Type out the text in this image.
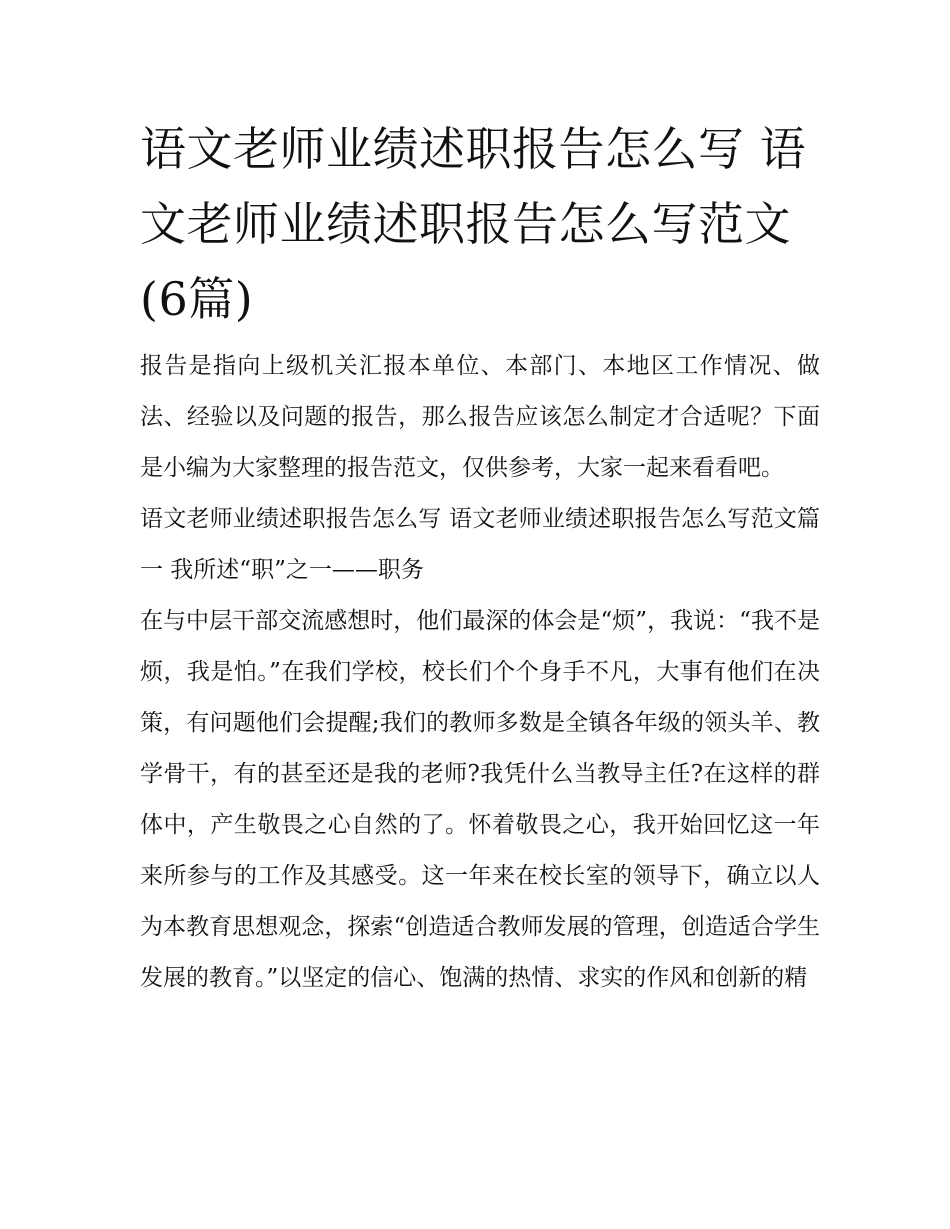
语文老师业绩述职报告怎么写 语文老师业绩述职报告怎么写范文(6篇)

报告是指向上级机关汇报本单位、本部门、本地区工作情况、做法、经验以及问题的报告，那么报告应该怎么制定才合适呢？下面是小编为大家整理的报告范文，仅供参考，大家一起来看看吧。

语文老师业绩述职报告怎么写 语文老师业绩述职报告怎么写范文篇一 我所述“职”之一——职务

在与中层干部交流感想时，他们最深的体会是“烦”，我说：“我不是烦，我是怕。”在我们学校，校长们个个身手不凡，大事有他们在决策，有问题他们会提醒;我们的教师多数是全镇各年级的领头羊、教学骨干，有的甚至还是我的老师?我凭什么当教导主任?在这样的群体中，产生敬畏之心自然的了。怀着敬畏之心，我开始回忆这一年来所参与的工作及其感受。这一年来在校长室的领导下，确立以人为本教育思想观念，探索“创造适合教师发展的管理，创造适合学生发展的教育。”以坚定的信心、饱满的热情、求实的作风和创新的精
